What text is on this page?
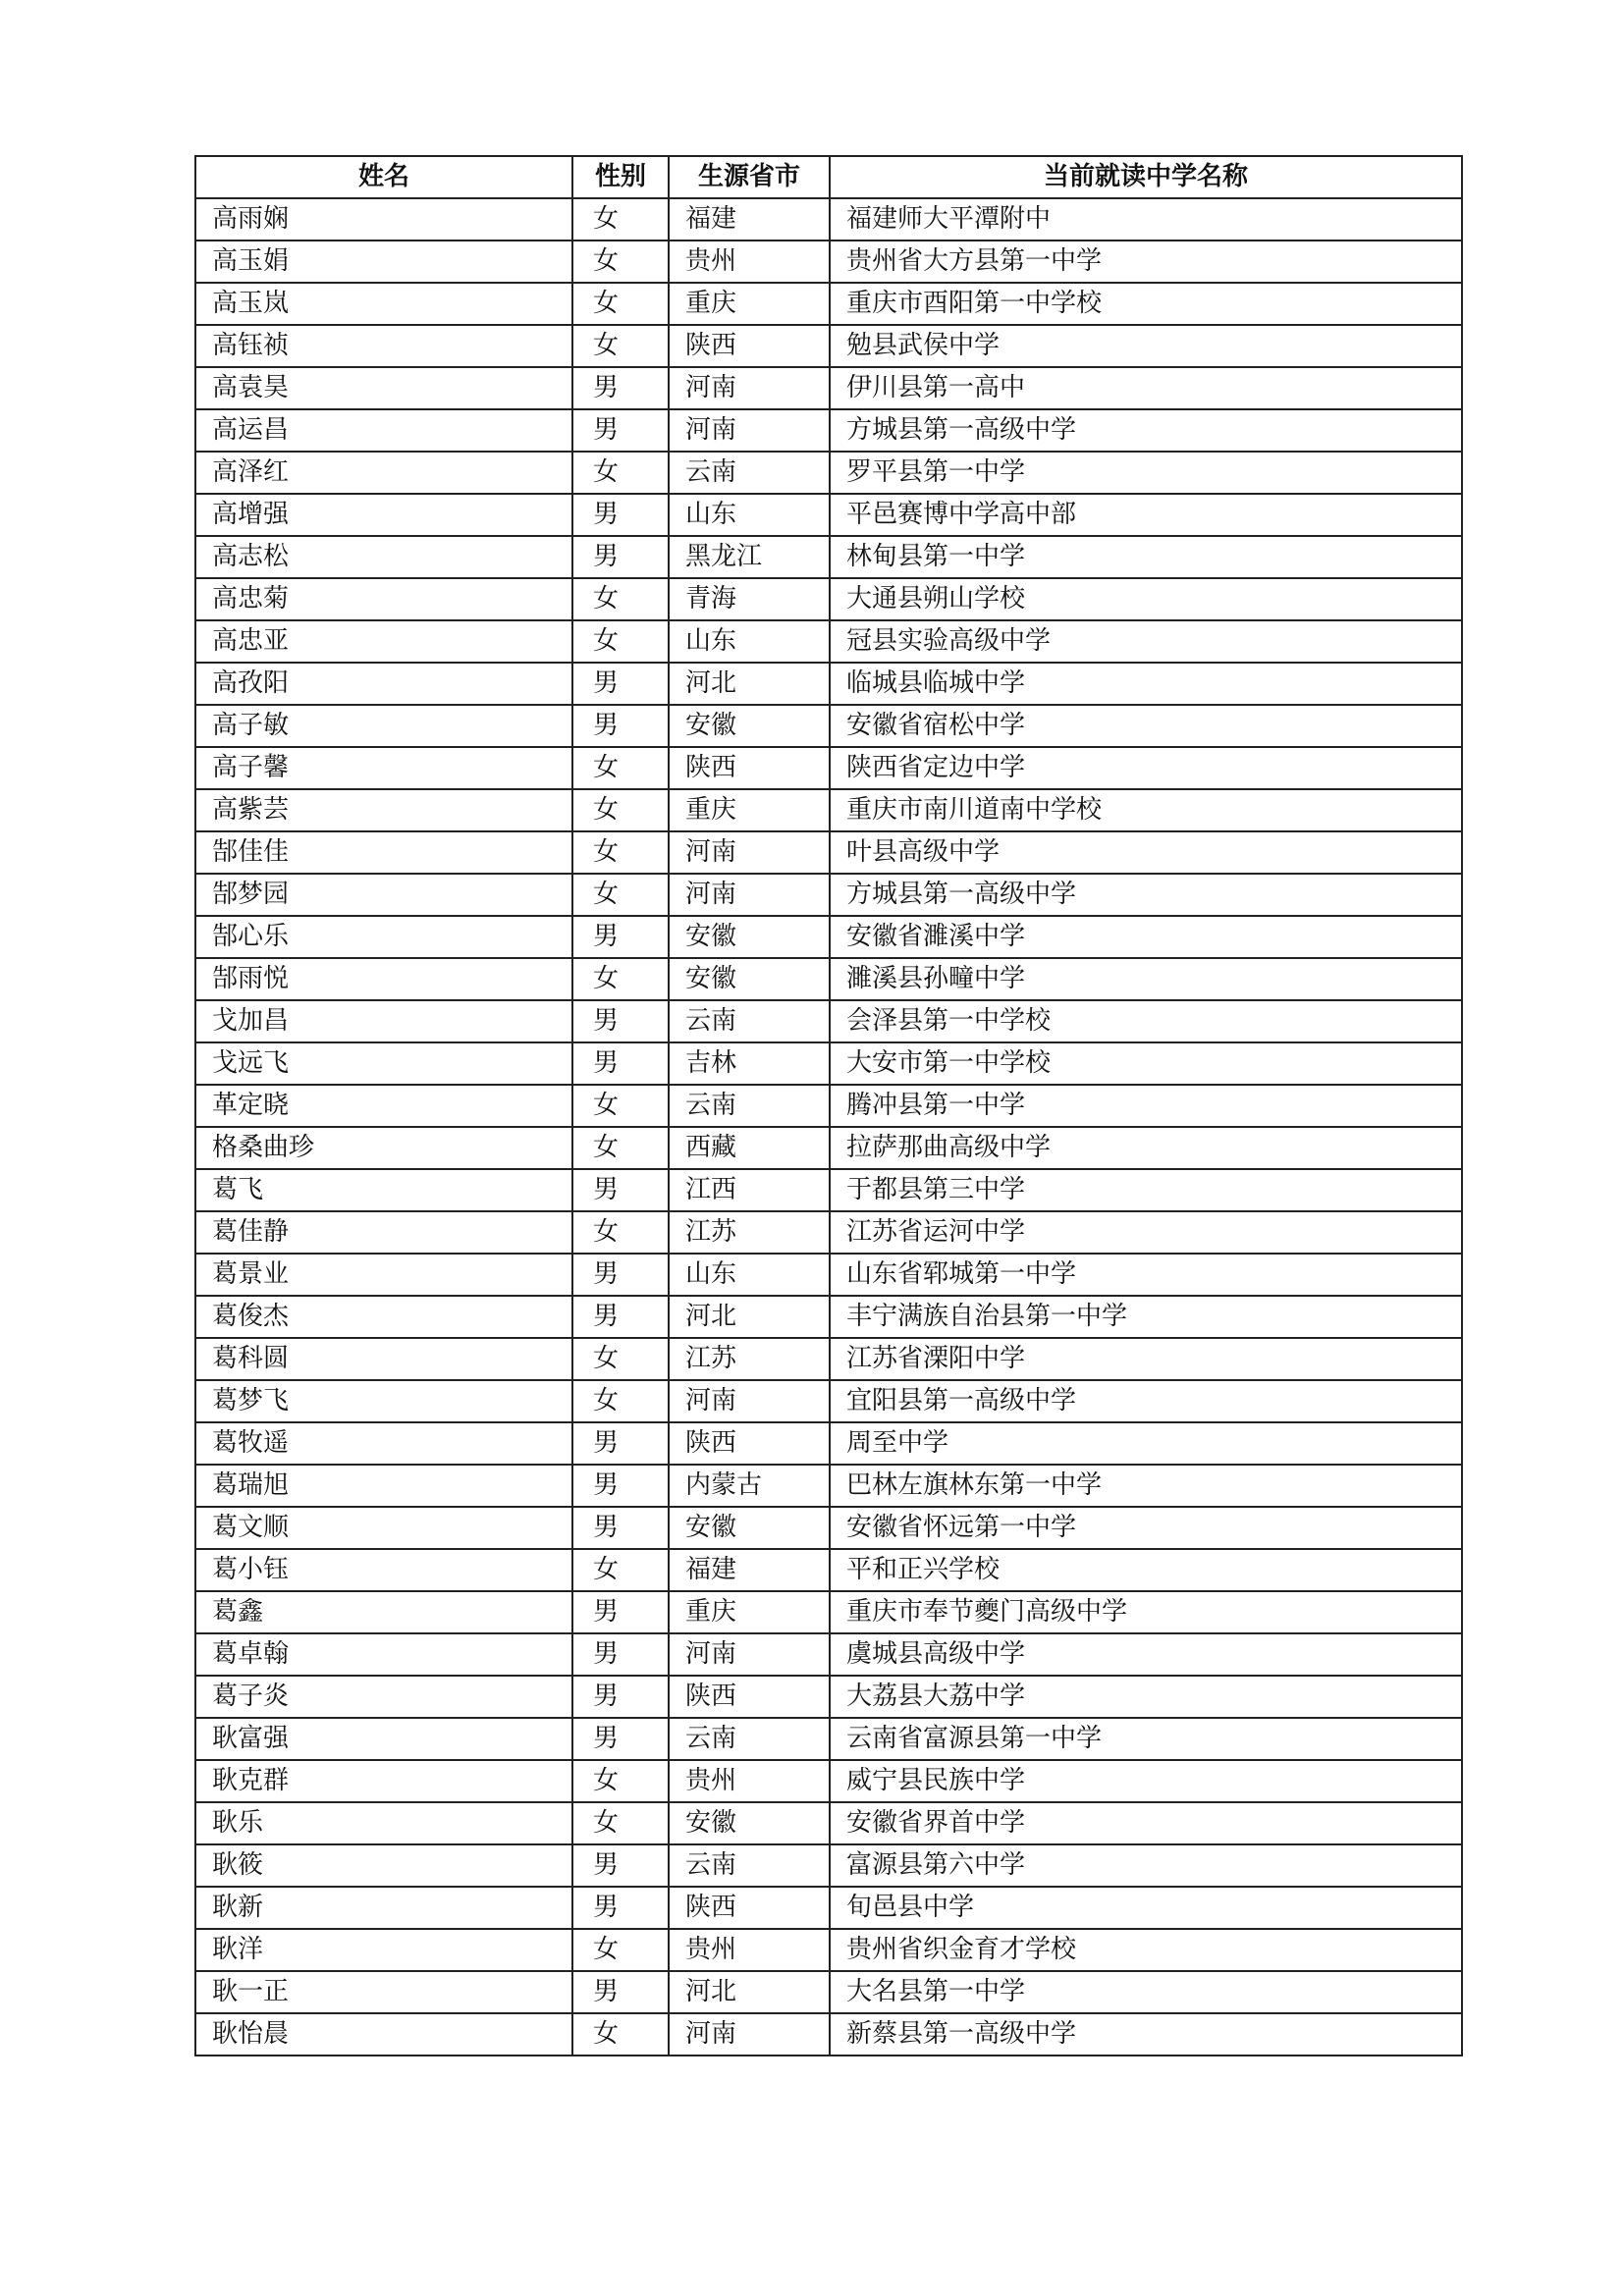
姓名	性别	生源省市	当前就读中学名称
高雨娴	女	福建	福建师大平潭附中
高玉娟	女	贵州	贵州省大方县第一中学
高玉岚	女	重庆	重庆市酉阳第一中学校
高钰祯	女	陕西	勉县武侯中学
高袁昊	男	河南	伊川县第一高中
高运昌	男	河南	方城县第一高级中学
高泽红	女	云南	罗平县第一中学
高增强	男	山东	平邑赛博中学高中部
高志松	男	黑龙江	林甸县第一中学
高忠菊	女	青海	大通县朔山学校
高忠亚	女	山东	冠县实验高级中学
高孜阳	男	河北	临城县临城中学
高子敏	男	安徽	安徽省宿松中学
高子馨	女	陕西	陕西省定边中学
高紫芸	女	重庆	重庆市南川道南中学校
郜佳佳	女	河南	叶县高级中学
郜梦园	女	河南	方城县第一高级中学
郜心乐	男	安徽	安徽省濉溪中学
郜雨悦	女	安徽	濉溪县孙疃中学
戈加昌	男	云南	会泽县第一中学校
戈远飞	男	吉林	大安市第一中学校
革定晓	女	云南	腾冲县第一中学
格桑曲珍	女	西藏	拉萨那曲高级中学
葛飞	男	江西	于都县第三中学
葛佳静	女	江苏	江苏省运河中学
葛景业	男	山东	山东省郓城第一中学
葛俊杰	男	河北	丰宁满族自治县第一中学
葛科圆	女	江苏	江苏省溧阳中学
葛梦飞	女	河南	宜阳县第一高级中学
葛牧遥	男	陕西	周至中学
葛瑞旭	男	内蒙古	巴林左旗林东第一中学
葛文顺	男	安徽	安徽省怀远第一中学
葛小钰	女	福建	平和正兴学校
葛鑫	男	重庆	重庆市奉节夔门高级中学
葛卓翰	男	河南	虞城县高级中学
葛子炎	男	陕西	大荔县大荔中学
耿富强	男	云南	云南省富源县第一中学
耿克群	女	贵州	威宁县民族中学
耿乐	女	安徽	安徽省界首中学
耿筱	男	云南	富源县第六中学
耿新	男	陕西	旬邑县中学
耿洋	女	贵州	贵州省织金育才学校
耿一正	男	河北	大名县第一中学
耿怡晨	女	河南	新蔡县第一高级中学
